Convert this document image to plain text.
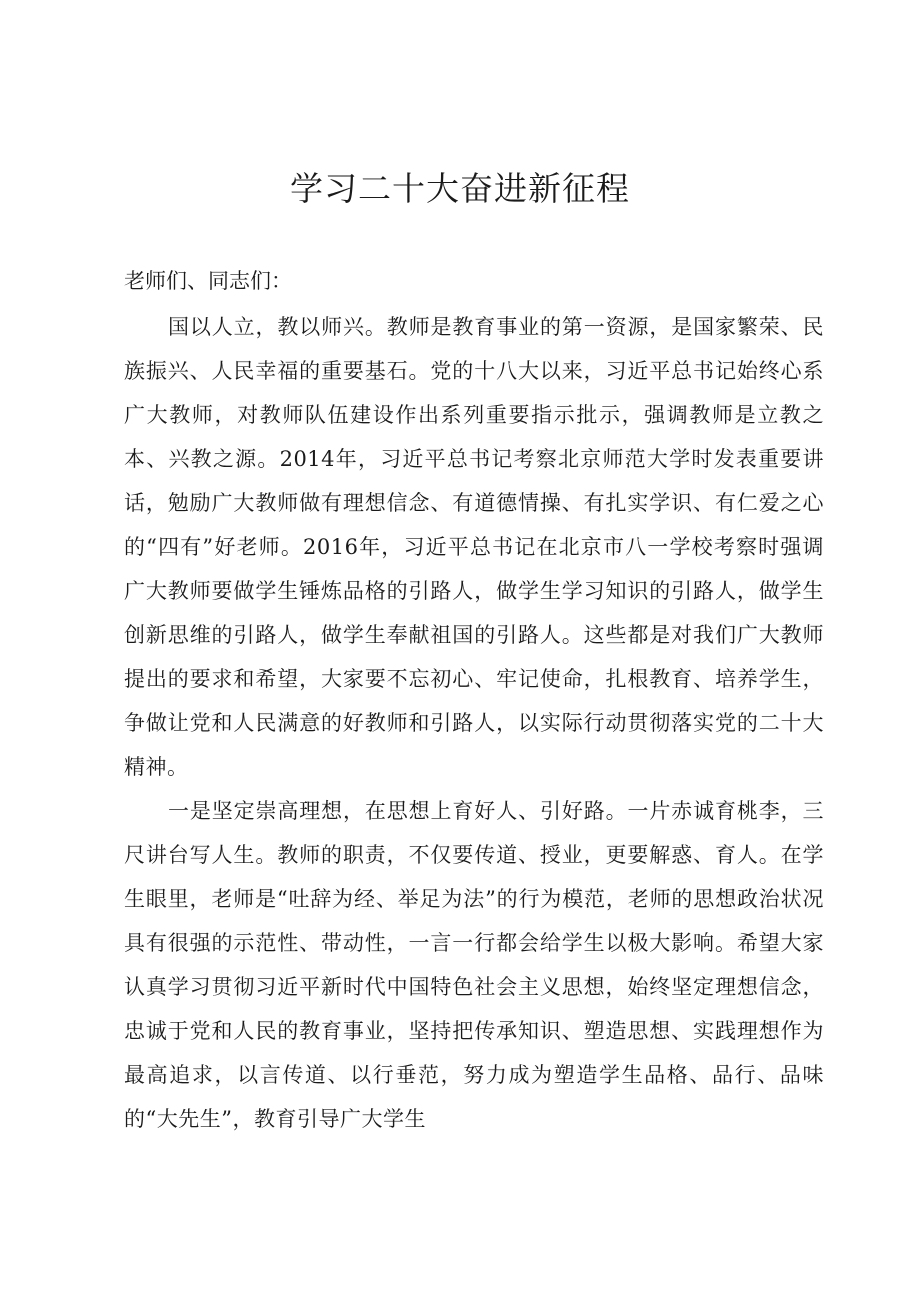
学习二十大奋进新征程

老师们、同志们：

国以人立，教以师兴。教师是教育事业的第一资源，是国家繁荣、民族振兴、人民幸福的重要基石。党的十八大以来，习近平总书记始终心系广大教师，对教师队伍建设作出系列重要指示批示，强调教师是立教之本、兴教之源。2014年，习近平总书记考察北京师范大学时发表重要讲话，勉励广大教师做有理想信念、有道德情操、有扎实学识、有仁爱之心的“四有”好老师。2016年，习近平总书记在北京市八一学校考察时强调广大教师要做学生锤炼品格的引路人，做学生学习知识的引路人，做学生创新思维的引路人，做学生奉献祖国的引路人。这些都是对我们广大教师提出的要求和希望，大家要不忘初心、牢记使命，扎根教育、培养学生，争做让党和人民满意的好教师和引路人，以实际行动贯彻落实党的二十大精神。

一是坚定崇高理想，在思想上育好人、引好路。一片赤诚育桃李，三尺讲台写人生。教师的职责，不仅要传道、授业，更要解惑、育人。在学生眼里，老师是“吐辞为经、举足为法”的行为模范，老师的思想政治状况具有很强的示范性、带动性，一言一行都会给学生以极大影响。希望大家认真学习贯彻习近平新时代中国特色社会主义思想，始终坚定理想信念，忠诚于党和人民的教育事业，坚持把传承知识、塑造思想、实践理想作为最高追求，以言传道、以行垂范，努力成为塑造学生品格、品行、品味的“大先生”，教育引导广大学生
